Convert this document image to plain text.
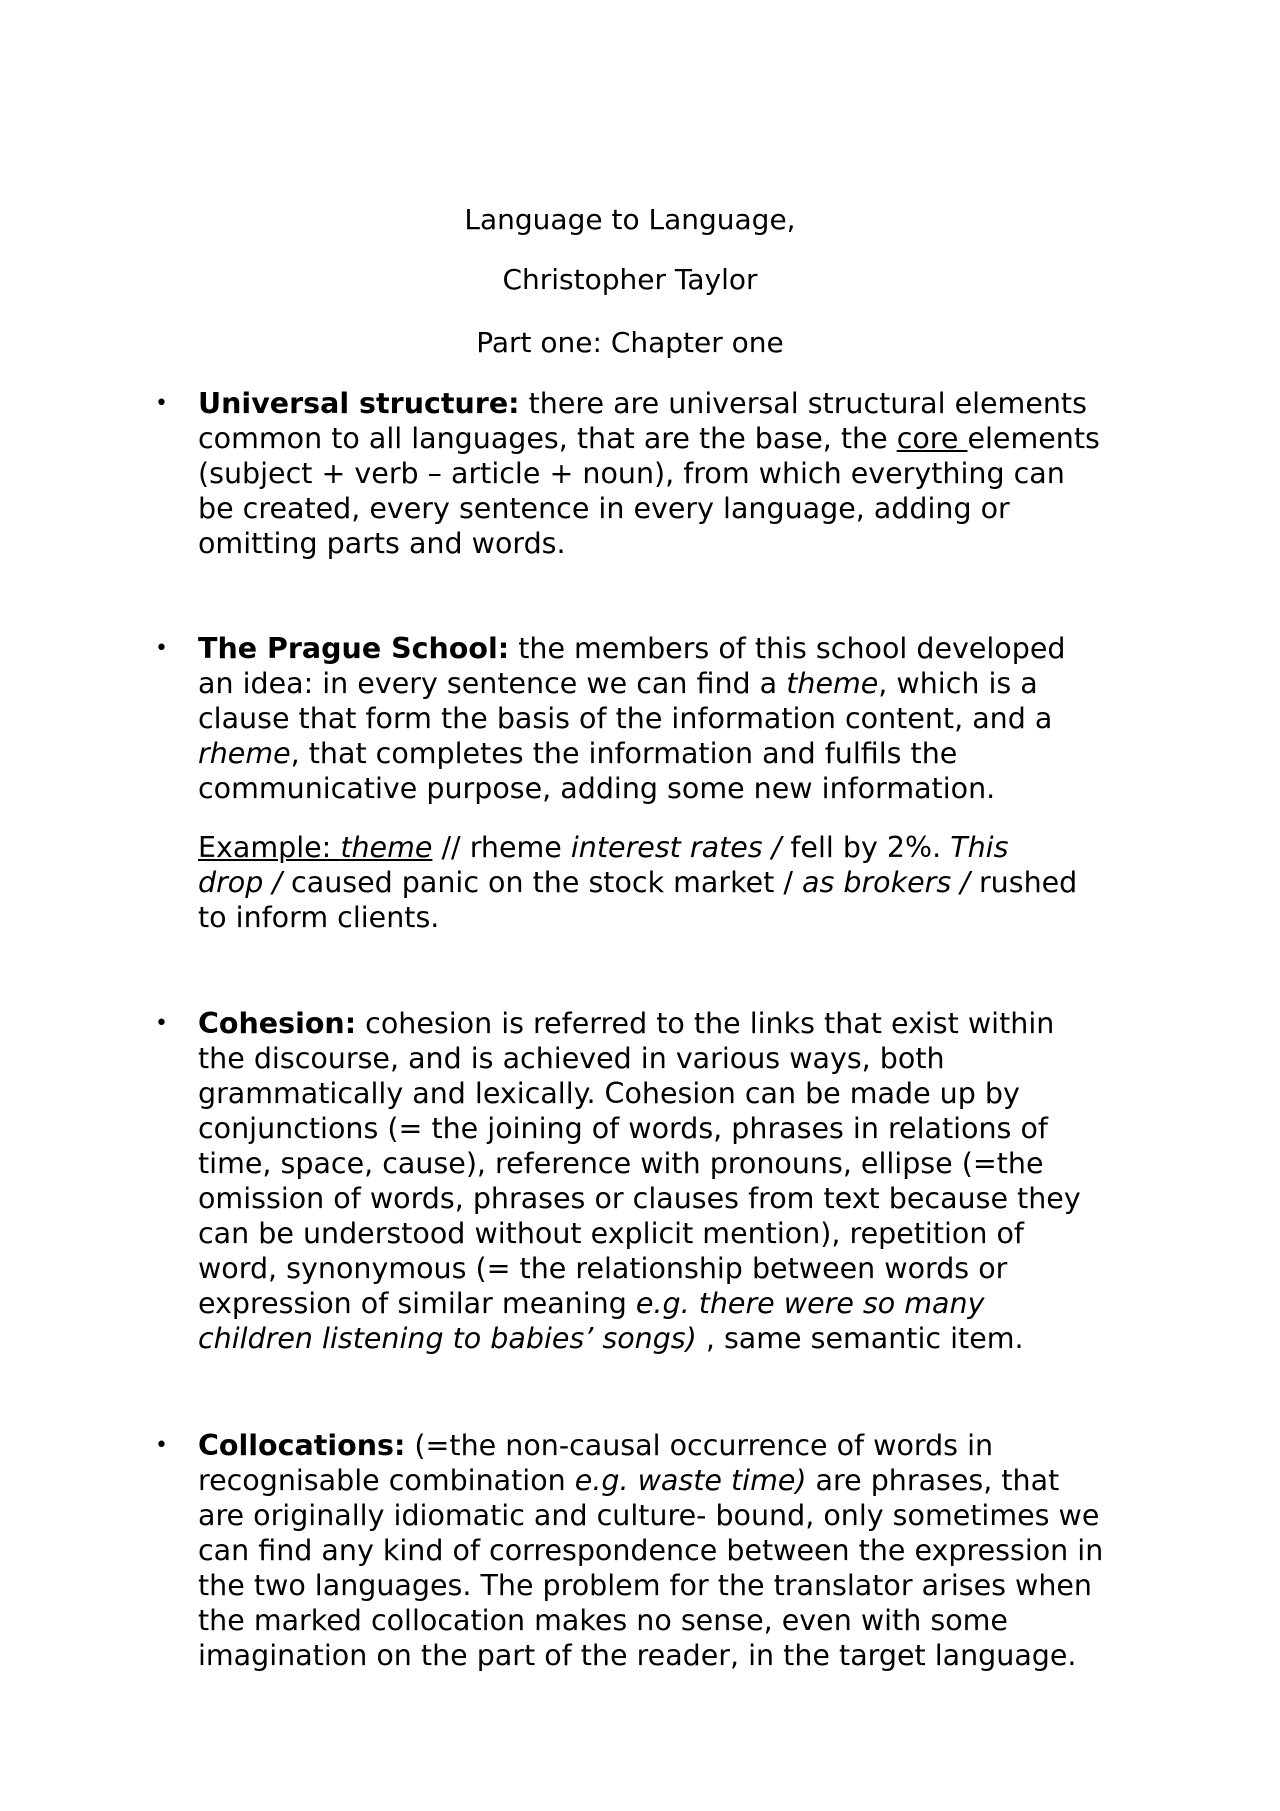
Language to Language,
Christopher Taylor
Part one: Chapter one
• Universal structure: there are universal structural elements
common to all languages, that are the base, the core elements
(subject + verb – article + noun), from which everything can
be created, every sentence in every language, adding or
omitting parts and words.

• The Prague School: the members of this school developed
an idea: in every sentence we can find a theme, which is a
clause that form the basis of the information content, and a
rheme, that completes the information and fulfils the
communicative purpose, adding some new information.

Example: theme // rheme interest rates / fell by 2%. This
drop / caused panic on the stock market / as brokers / rushed
to inform clients.

• Cohesion: cohesion is referred to the links that exist within
the discourse, and is achieved in various ways, both
grammatically and lexically. Cohesion can be made up by
conjunctions (= the joining of words, phrases in relations of
time, space, cause), reference with pronouns, ellipse (=the
omission of words, phrases or clauses from text because they
can be understood without explicit mention), repetition of
word, synonymous (= the relationship between words or
expression of similar meaning e.g. there were so many
children listening to babies’ songs) , same semantic item.

• Collocations: (=the non-causal occurrence of words in
recognisable combination e.g. waste time) are phrases, that
are originally idiomatic and culture- bound, only sometimes we
can find any kind of correspondence between the expression in
the two languages. The problem for the translator arises when
the marked collocation makes no sense, even with some
imagination on the part of the reader, in the target language.
